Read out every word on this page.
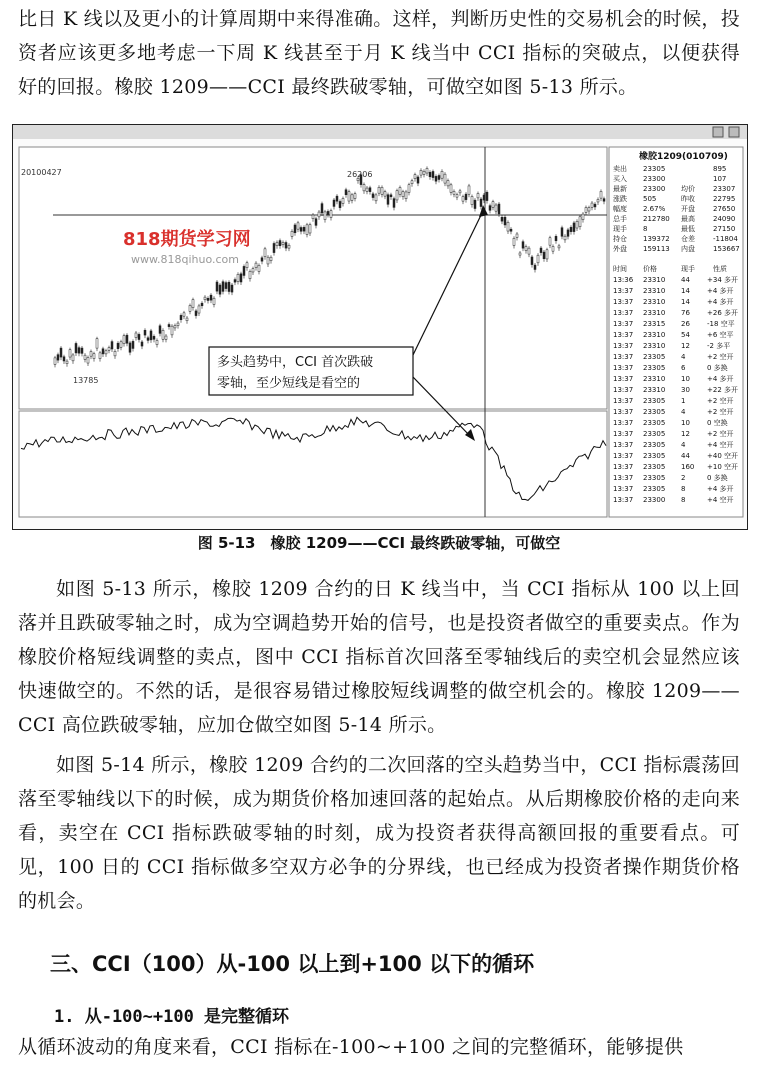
比日 K 线以及更小的计算周期中来得准确。这样，判断历史性的交易机会的时候，投资者应该更多地考虑一下周 K 线甚至于月 K 线当中 CCI 指标的突破点，以便获得好的回报。橡胶 1209——CCI 最终跌破零轴，可做空如图 5-13 所示。

20100427	26206
13785
818期货学习网
www.818qihuo.com
多头趋势中，CCI 首次跌破
零轴，至少短线是看空的
橡胶1209(010709)
卖出 23305	895
买入 23300	107
最新 23300 均价	23307
涨跌 505	昨收	22795
幅度 2.67% 开盘	27650
总手 212780 最高	24090
现手 8	最低	27150
持仓 139372 仓差	-11804
外盘 159113 内盘	153667
时间 价格	现手	性质
13:36 23310 44 +34 多开
13:37 23310 14 +4 多开
13:37 23310 14 +4 多开
13:37 23310 76 +26 多开
13:37 23315 26 -18 空平
13:37 23310 54 +6 空平
13:37 23310 12 -2 多平
13:37 23305 4	+2 空开
13:37 23305 6	0 多换
13:37 23310 10 +4 多开
13:37 23310 30 +22 多开
13:37 23305 1	+2 空开
13:37 23305 4	+2 空开
13:37 23305 10 0 空换
13:37 23305 12 +2 空开
13:37 23305 4	+4 空开
13:37 23305 44 +40 空开
13:37 23305 160 +10 空开
13:37 23305 2	0 多换
13:37 23305 8	+4 多开
13:37 23300 8	+4 空开
图 5-13　橡胶 1209——CCI 最终跌破零轴，可做空

如图 5-13 所示，橡胶 1209 合约的日 K 线当中，当 CCI 指标从 100 以上回落并且跌破零轴之时，成为空调趋势开始的信号，也是投资者做空的重要卖点。作为橡胶价格短线调整的卖点，图中 CCI 指标首次回落至零轴线后的卖空机会显然应该快速做空的。不然的话，是很容易错过橡胶短线调整的做空机会的。橡胶 1209——CCI 高位跌破零轴，应加仓做空如图 5-14 所示。

如图 5-14 所示，橡胶 1209 合约的二次回落的空头趋势当中，CCI 指标震荡回落至零轴线以下的时候，成为期货价格加速回落的起始点。从后期橡胶价格的走向来看，卖空在 CCI 指标跌破零轴的时刻，成为投资者获得高额回报的重要看点。可见，100 日的 CCI 指标做多空双方必争的分界线，也已经成为投资者操作期货价格的机会。

三、CCI（100）从-100 以上到+100 以下的循环
1. 从-100~+100 是完整循环

从循环波动的角度来看，CCI 指标在-100~+100 之间的完整循环，能够提供
